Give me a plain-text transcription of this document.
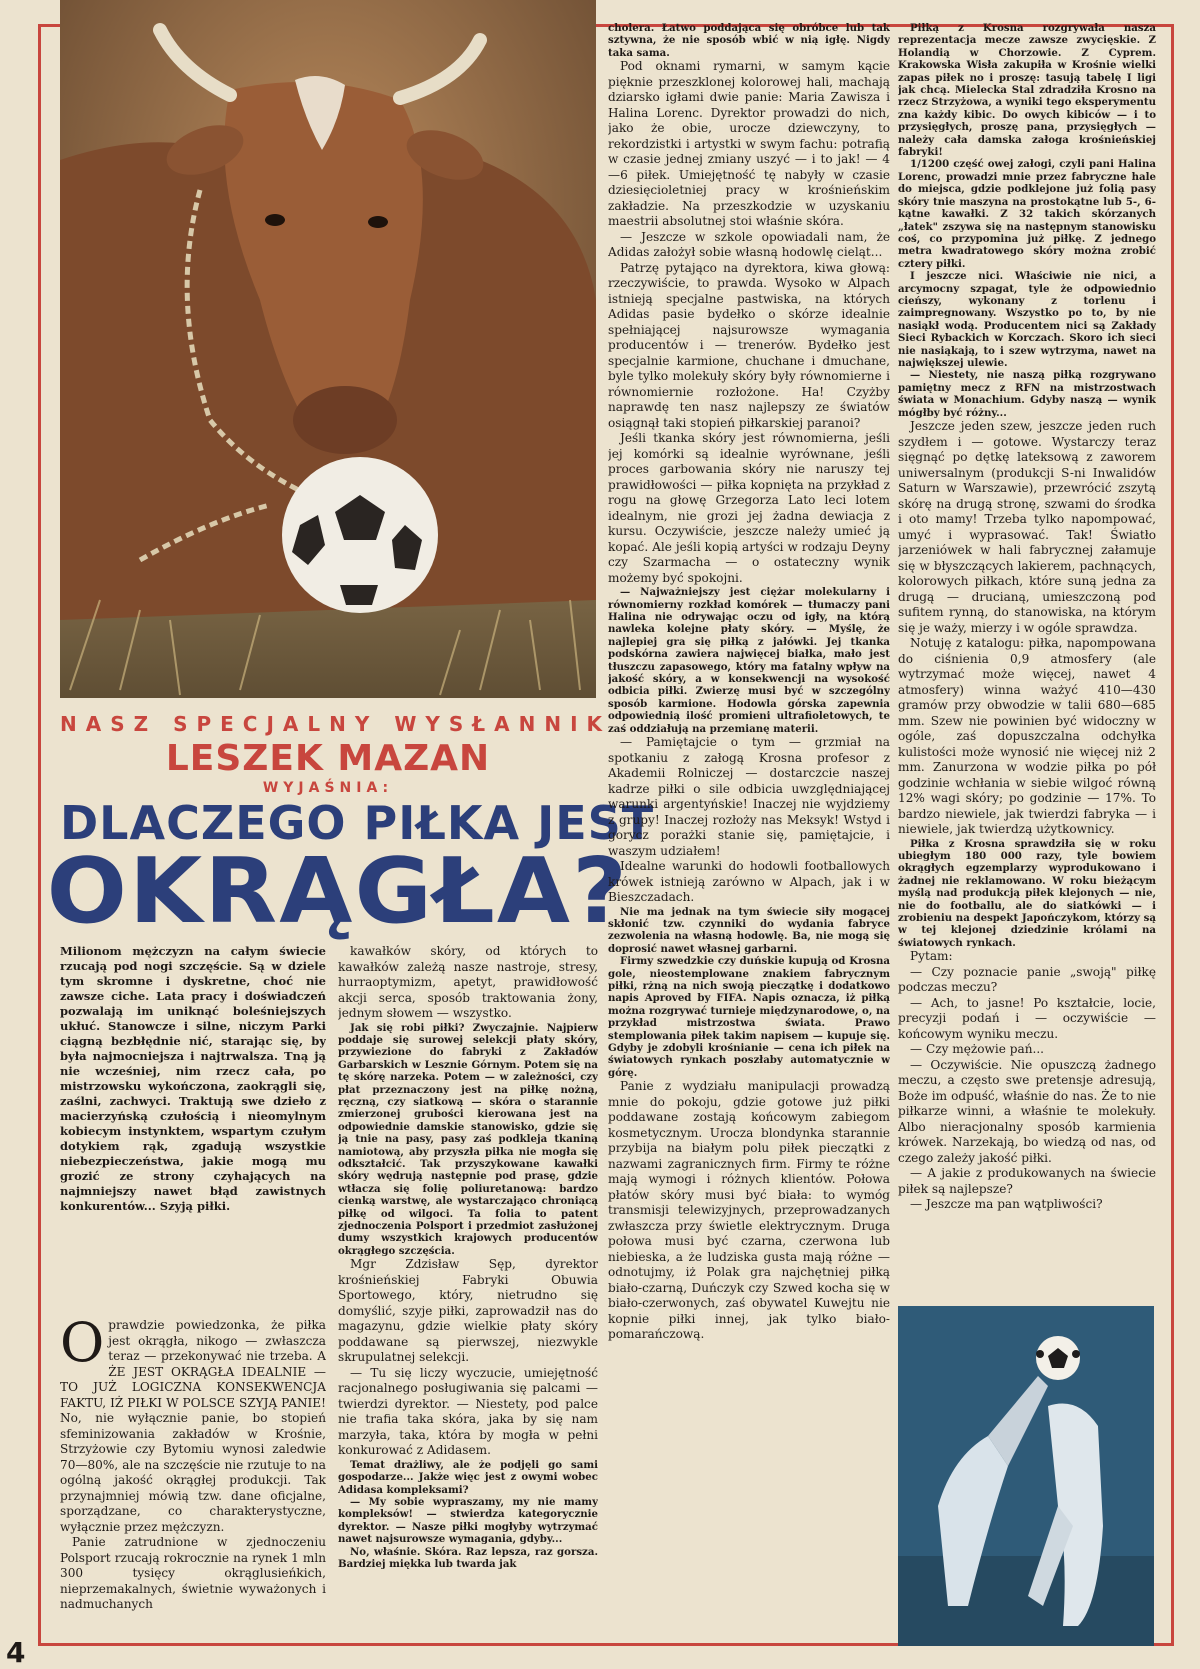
NASZ SPECJALNY WYSŁANNIK
LESZEK MAZAN
WYJAŚNIA:
DLACZEGO PIŁKA JEST
OKRĄGŁA?

Milionom mężczyzn na całym świecie rzucają pod nogi szczęście. Są w dziele tym skromne i dyskretne, choć nie zawsze ciche. Lata pracy i doświadczeń pozwalają im uniknąć boleśniejszych ukłuć. Stanowcze i silne, niczym Parki ciągną bezbłędnie nić, starając się, by była najmocniejsza i najtrwalsza. Tną ją nie wcześniej, nim rzecz cała, po mistrzowsku wykończona, zaokrągli się, zaślni, zachwyci. Traktują swe dzieło z macierzyńską czułością i nieomylnym kobiecym instynktem, wspartym czułym dotykiem rąk, zgadują wszystkie niebezpieczeństwa, jakie mogą mu grozić ze strony czyhających na najmniejszy nawet błąd zawistnych konkurentów... Szyją piłki.

Oprawdzie powiedzonka, że piłka jest okrągła, nikogo — zwłaszcza teraz — przekonywać nie trzeba. A ŻE JEST OKRĄGŁA IDEALNIE — TO JUŻ LOGICZNA KONSEKWENCJA FAKTU, IŻ PIŁKI W POLSCE SZYJĄ PANIE! No, nie wyłącznie panie, bo stopień sfeminizowania zakładów w Krośnie, Strzyżowie czy Bytomiu wynosi zaledwie 70—80%, ale na szczęście nie rzutuje to na ogólną jakość okrągłej produkcji. Tak przynajmniej mówią tzw. dane oficjalne, sporządzane, co charakterystyczne, wyłącznie przez mężczyzn.

Panie zatrudnione w zjednoczeniu Polsport rzucają rokrocznie na rynek 1 mln 300 tysięcy okrąglusieńkich, nieprzemakalnych, świetnie wyważonych i nadmuchanych

kawałków skóry, od których to kawałków zależą nasze nastroje, stresy, hurraoptymizm, apetyt, prawidłowość akcji serca, sposób traktowania żony, jednym słowem — wszystko.

Jak się robi piłki? Zwyczajnie. Najpierw poddaje się surowej selekcji płaty skóry, przywiezione do fabryki z Zakładów Garbarskich w Lesznie Górnym. Potem się na tę skórę narzeka. Potem — w zależności, czy płat przeznaczony jest na piłkę nożną, ręczną, czy siatkową — skóra o starannie zmierzonej grubości kierowana jest na odpowiednie damskie stanowisko, gdzie się ją tnie na pasy, pasy zaś podkleja tkaniną namiotową, aby przyszła piłka nie mogła się odkształcić. Tak przyszykowane kawałki skóry wędrują następnie pod prasę, gdzie wtłacza się folię poliuretanową: bardzo cienką warstwę, ale wystarczająco chroniącą piłkę od wilgoci. Ta folia to patent zjednoczenia Polsport i przedmiot zasłużonej dumy wszystkich krajowych producentów okrągłego szczęścia.

Mgr Zdzisław Sęp, dyrektor krośnieńskiej Fabryki Obuwia Sportowego, który, nietrudno się domyślić, szyje piłki, zaprowadził nas do magazynu, gdzie wielkie płaty skóry poddawane są pierwszej, niezwykle skrupulatnej selekcji.

— Tu się liczy wyczucie, umiejętność racjonalnego posługiwania się palcami — twierdzi dyrektor. — Niestety, pod palce nie trafia taka skóra, jaka by się nam marzyła, taka, która by mogła w pełni konkurować z Adidasem.

Temat drażliwy, ale że podjęli go sami gospodarze... Jakże więc jest z owymi wobec Adidasa kompleksami?

— My sobie wypraszamy, my nie mamy kompleksów! — stwierdza kategorycznie dyrektor. — Nasze piłki mogłyby wytrzymać nawet najsurowsze wymagania, gdyby...

No, właśnie. Skóra. Raz lepsza, raz gorsza. Bardziej miękka lub twarda jak

cholera. Łatwo poddająca się obróbce lub tak sztywna, że nie sposób wbić w nią igłę. Nigdy taka sama.

Pod oknami rymarni, w samym kącie pięknie przeszklonej kolorowej hali, machają dziarsko igłami dwie panie: Maria Zawisza i Halina Lorenc. Dyrektor prowadzi do nich, jako że obie, urocze dziewczyny, to rekordzistki i artystki w swym fachu: potrafią w czasie jednej zmiany uszyć — i to jak! — 4—6 piłek. Umiejętność tę nabyły w czasie dziesięcioletniej pracy w krośnieńskim zakładzie. Na przeszkodzie w uzyskaniu maestrii absolutnej stoi właśnie skóra.

— Jeszcze w szkole opowiadali nam, że Adidas założył sobie własną hodowlę cieląt...

Patrzę pytająco na dyrektora, kiwa głową: rzeczywiście, to prawda. Wysoko w Alpach istnieją specjalne pastwiska, na których Adidas pasie bydełko o skórze idealnie spełniającej najsurowsze wymagania producentów i — trenerów. Bydełko jest specjalnie karmione, chuchane i dmuchane, byle tylko molekuły skóry były równomierne i równomiernie rozłożone. Ha! Czyżby naprawdę ten nasz najlepszy ze światów osiągnął taki stopień piłkarskiej paranoi?

Jeśli tkanka skóry jest równomierna, jeśli jej komórki są idealnie wyrównane, jeśli proces garbowania skóry nie naruszy tej prawidłowości — piłka kopnięta na przykład z rogu na głowę Grzegorza Lato leci lotem idealnym, nie grozi jej żadna dewiacja z kursu. Oczywiście, jeszcze należy umieć ją kopać. Ale jeśli kopią artyści w rodzaju Deyny czy Szarmacha — o ostateczny wynik możemy być spokojni.

— Najważniejszy jest ciężar molekularny i równomierny rozkład komórek — tłumaczy pani Halina nie odrywając oczu od igły, na którą nawleka kolejne płaty skóry. — Myślę, że najlepiej gra się piłką z jałówki. Jej tkanka podskórna zawiera najwięcej białka, mało jest tłuszczu zapasowego, który ma fatalny wpływ na jakość skóry, a w konsekwencji na wysokość odbicia piłki. Zwierzę musi być w szczególny sposób karmione. Hodowla górska zapewnia odpowiednią ilość promieni ultrafioletowych, te zaś oddziałują na przemianę materii.

— Pamiętajcie o tym — grzmiał na spotkaniu z załogą Krosna profesor z Akademii Rolniczej — dostarczcie naszej kadrze piłki o sile odbicia uwzględniającej warunki argentyńskie! Inaczej nie wyjdziemy z grupy! Inaczej rozłoży nas Meksyk! Wstyd i gorycz porażki stanie się, pamiętajcie, i waszym udziałem!

Idealne warunki do hodowli footballowych krówek istnieją zarówno w Alpach, jak i w Bieszczadach.

Nie ma jednak na tym świecie siły mogącej skłonić tzw. czynniki do wydania fabryce zezwolenia na własną hodowlę. Ba, nie mogą się doprosić nawet własnej garbarni.

Firmy szwedzkie czy duńskie kupują od Krosna gole, nieostemplowane znakiem fabrycznym piłki, rżną na nich swoją pieczątkę i dodatkowo napis Aproved by FIFA. Napis oznacza, iż piłką można rozgrywać turnieje międzynarodowe, o, na przykład mistrzostwa świata. Prawo stemplowania piłek takim napisem — kupuje się. Gdyby je zdobyli krośnianie — cena ich piłek na światowych rynkach poszłaby automatycznie w górę.

Panie z wydziału manipulacji prowadzą mnie do pokoju, gdzie gotowe już piłki poddawane zostają końcowym zabiegom kosmetycznym. Urocza blondynka starannie przybija na białym polu piłek pieczątki z nazwami zagranicznych firm. Firmy te różne mają wymogi i różnych klientów. Połowa płatów skóry musi być biała: to wymóg transmisji telewizyjnych, przeprowadzanych zwłaszcza przy świetle elektrycznym. Druga połowa musi być czarna, czerwona lub niebieska, a że ludziska gusta mają różne — odnotujmy, iż Polak gra najchętniej piłką biało-czarną, Duńczyk czy Szwed kocha się w biało-czerwonych, zaś obywatel Kuwejtu nie kopnie piłki innej, jak tylko biało-pomarańczową.

Piłką z Krosna rozgrywała nasza reprezentacja mecze zawsze zwycięskie. Z Holandią w Chorzowie. Z Cyprem. Krakowska Wisła zakupiła w Krośnie wielki zapas piłek no i proszę: tasują tabelę I ligi jak chcą. Mielecka Stal zdradziła Krosno na rzecz Strzyżowa, a wyniki tego eksperymentu zna każdy kibic. Do owych kibiców — i to przysięgłych, proszę pana, przysięgłych — należy cała damska załoga krośnieńskiej fabryki!

1/1200 część owej załogi, czyli pani Halina Lorenc, prowadzi mnie przez fabryczne hale do miejsca, gdzie podklejone już folią pasy skóry tnie maszyna na prostokątne lub 5-, 6-kątne kawałki. Z 32 takich skórzanych „łatek" zszywa się na następnym stanowisku coś, co przypomina już piłkę. Z jednego metra kwadratowego skóry można zrobić cztery piłki.

I jeszcze nici. Właściwie nie nici, a arcymocny szpagat, tyle że odpowiednio cieńszy, wykonany z torlenu i zaimpregnowany. Wszystko po to, by nie nasiąkł wodą. Producentem nici są Zakłady Sieci Rybackich w Korczach. Skoro ich sieci nie nasiąkają, to i szew wytrzyma, nawet na największej ulewie.

— Niestety, nie naszą piłką rozgrywano pamiętny mecz z RFN na mistrzostwach świata w Monachium. Gdyby naszą — wynik mógłby być różny...

Jeszcze jeden szew, jeszcze jeden ruch szydłem i — gotowe. Wystarczy teraz sięgnąć po dętkę lateksową z zaworem uniwersalnym (produkcji S-ni Inwalidów Saturn w Warszawie), przewrócić zszytą skórę na drugą stronę, szwami do środka i oto mamy! Trzeba tylko napompować, umyć i wyprasować. Tak! Światło jarzeniówek w hali fabrycznej załamuje się w błyszczących lakierem, pachnących, kolorowych piłkach, które suną jedna za drugą — drucianą, umieszczoną pod sufitem rynną, do stanowiska, na którym się je waży, mierzy i w ogóle sprawdza.

Notuję z katalogu: piłka, napompowana do ciśnienia 0,9 atmosfery (ale wytrzymać może więcej, nawet 4 atmosfery) winna ważyć 410—430 gramów przy obwodzie w talii 680—685 mm. Szew nie powinien być widoczny w ogóle, zaś dopuszczalna odchyłka kulistości może wynosić nie więcej niż 2 mm. Zanurzona w wodzie piłka po pół godzinie wchłania w siebie wilgoć równą 12% wagi skóry; po godzinie — 17%. To bardzo niewiele, jak twierdzi fabryka — i niewiele, jak twierdzą użytkownicy.

Piłka z Krosna sprawdziła się w roku ubiegłym 180 000 razy, tyle bowiem okrągłych egzemplarzy wyprodukowano i żadnej nie reklamowano. W roku bieżącym myślą nad produkcją piłek klejonych — nie, nie do footballu, ale do siatkówki — i zrobieniu na despekt Japończykom, którzy są w tej klejonej dziedzinie królami na światowych rynkach.

Pytam:

— Czy poznacie panie „swoją" piłkę podczas meczu?

— Ach, to jasne! Po kształcie, locie, precyzji podań i — oczywiście — końcowym wyniku meczu.

— Czy mężowie pań...

— Oczywiście. Nie opuszczą żadnego meczu, a często swe pretensje adresują, Boże im odpuść, właśnie do nas. Że to nie piłkarze winni, a właśnie te molekuły. Albo nieracjonalny sposób karmienia krówek. Narzekają, bo wiedzą od nas, od czego zależy jakość piłki.

— A jakie z produkowanych na świecie piłek są najlepsze?

— Jeszcze ma pan wątpliwości?

4
